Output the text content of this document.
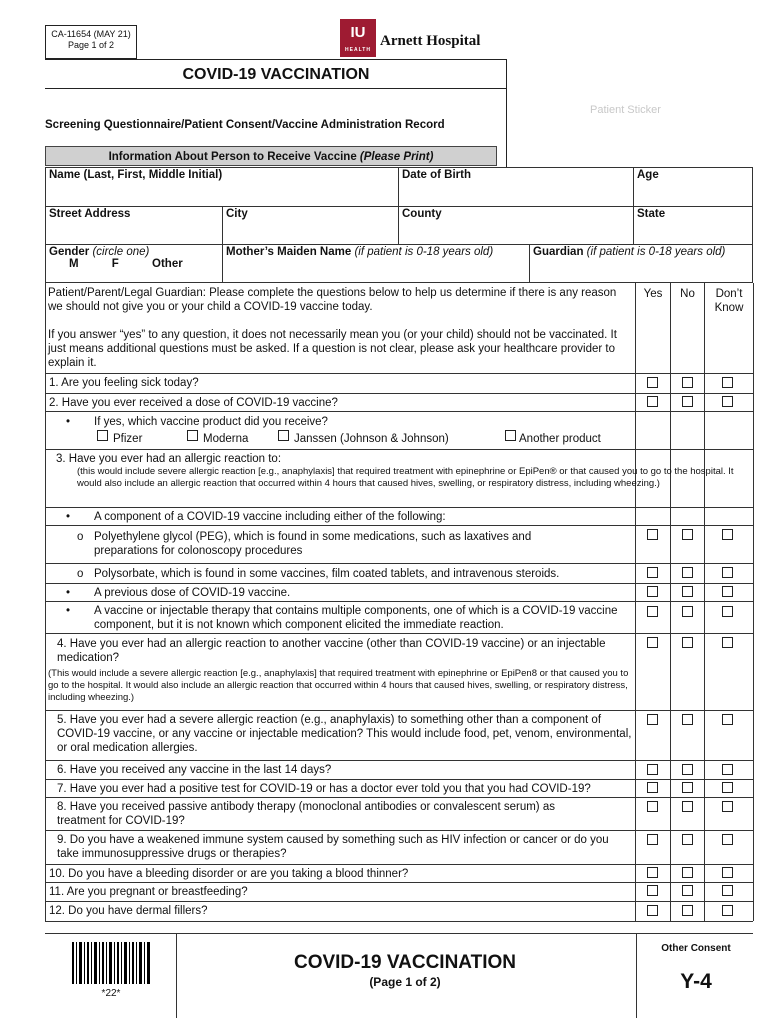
CA-11654 (MAY 21)
Page 1 of 2
IU
HEALTH
Arnett Hospital
COVID-19 VACCINATION
Patient Sticker
Screening Questionnaire/Patient Consent/Vaccine Administration Record
Information About Person to Receive Vaccine (Please Print)
Name (Last, First, Middle Initial)	Date of Birth	Age
Street Address	City	County	State
Gender (circle one)
M	F	Other
Mother’s Maiden Name (if patient is 0-18 years old)	Guardian (if patient is 0-18 years old)
Patient/Parent/Legal Guardian: Please complete the questions below to help us determine if there is any reason we should not give you or your child a COVID-19 vaccine today.
If you answer “yes” to any question, it does not necessarily mean you (or your child) should not be vaccinated. It just means additional questions must be asked. If a question is not clear, please ask your healthcare provider to explain it.
Yes	No	Don’t Know
1. Are you feeling sick today?
2. Have you ever received a dose of COVID-19 vaccine?
• If yes, which vaccine product did you receive?
Pfizer	Moderna	Janssen (Johnson & Johnson)	Another product
3. Have you ever had an allergic reaction to:
(this would include severe allergic reaction [e.g., anaphylaxis] that required treatment with epinephrine or EpiPen® or that caused you to go to the hospital. It would also include an allergic reaction that occurred within 4 hours that caused hives, swelling, or respiratory distress, including wheezing.)
• A component of a COVID-19 vaccine including either of the following:
o Polyethylene glycol (PEG), which is found in some medications, such as laxatives and preparations for colonoscopy procedures
o Polysorbate, which is found in some vaccines, film coated tablets, and intravenous steroids.
• A previous dose of COVID-19 vaccine.
• A vaccine or injectable therapy that contains multiple components, one of which is a COVID-19 vaccine component, but it is not known which component elicited the immediate reaction.
4. Have you ever had an allergic reaction to another vaccine (other than COVID-19 vaccine) or an injectable medication?
(This would include a severe allergic reaction [e.g., anaphylaxis] that required treatment with epinephrine or EpiPen8 or that caused you to go to the hospital. It would also include an allergic reaction that occurred within 4 hours that caused hives, swelling, or respiratory distress, including wheezing.)
5. Have you ever had a severe allergic reaction (e.g., anaphylaxis) to something other than a component of COVID-19 vaccine, or any vaccine or injectable medication? This would include food, pet, venom, environmental, or oral medication allergies.
6. Have you received any vaccine in the last 14 days?
7. Have you ever had a positive test for COVID-19 or has a doctor ever told you that you had COVID-19?
8. Have you received passive antibody therapy (monoclonal antibodies or convalescent serum) as treatment for COVID-19?
9. Do you have a weakened immune system caused by something such as HIV infection or cancer or do you take immunosuppressive drugs or therapies?
10. Do you have a bleeding disorder or are you taking a blood thinner?
11. Are you pregnant or breastfeeding?
12. Do you have dermal fillers?
*22*
COVID-19 VACCINATION
(Page 1 of 2)
Other Consent
Y-4
